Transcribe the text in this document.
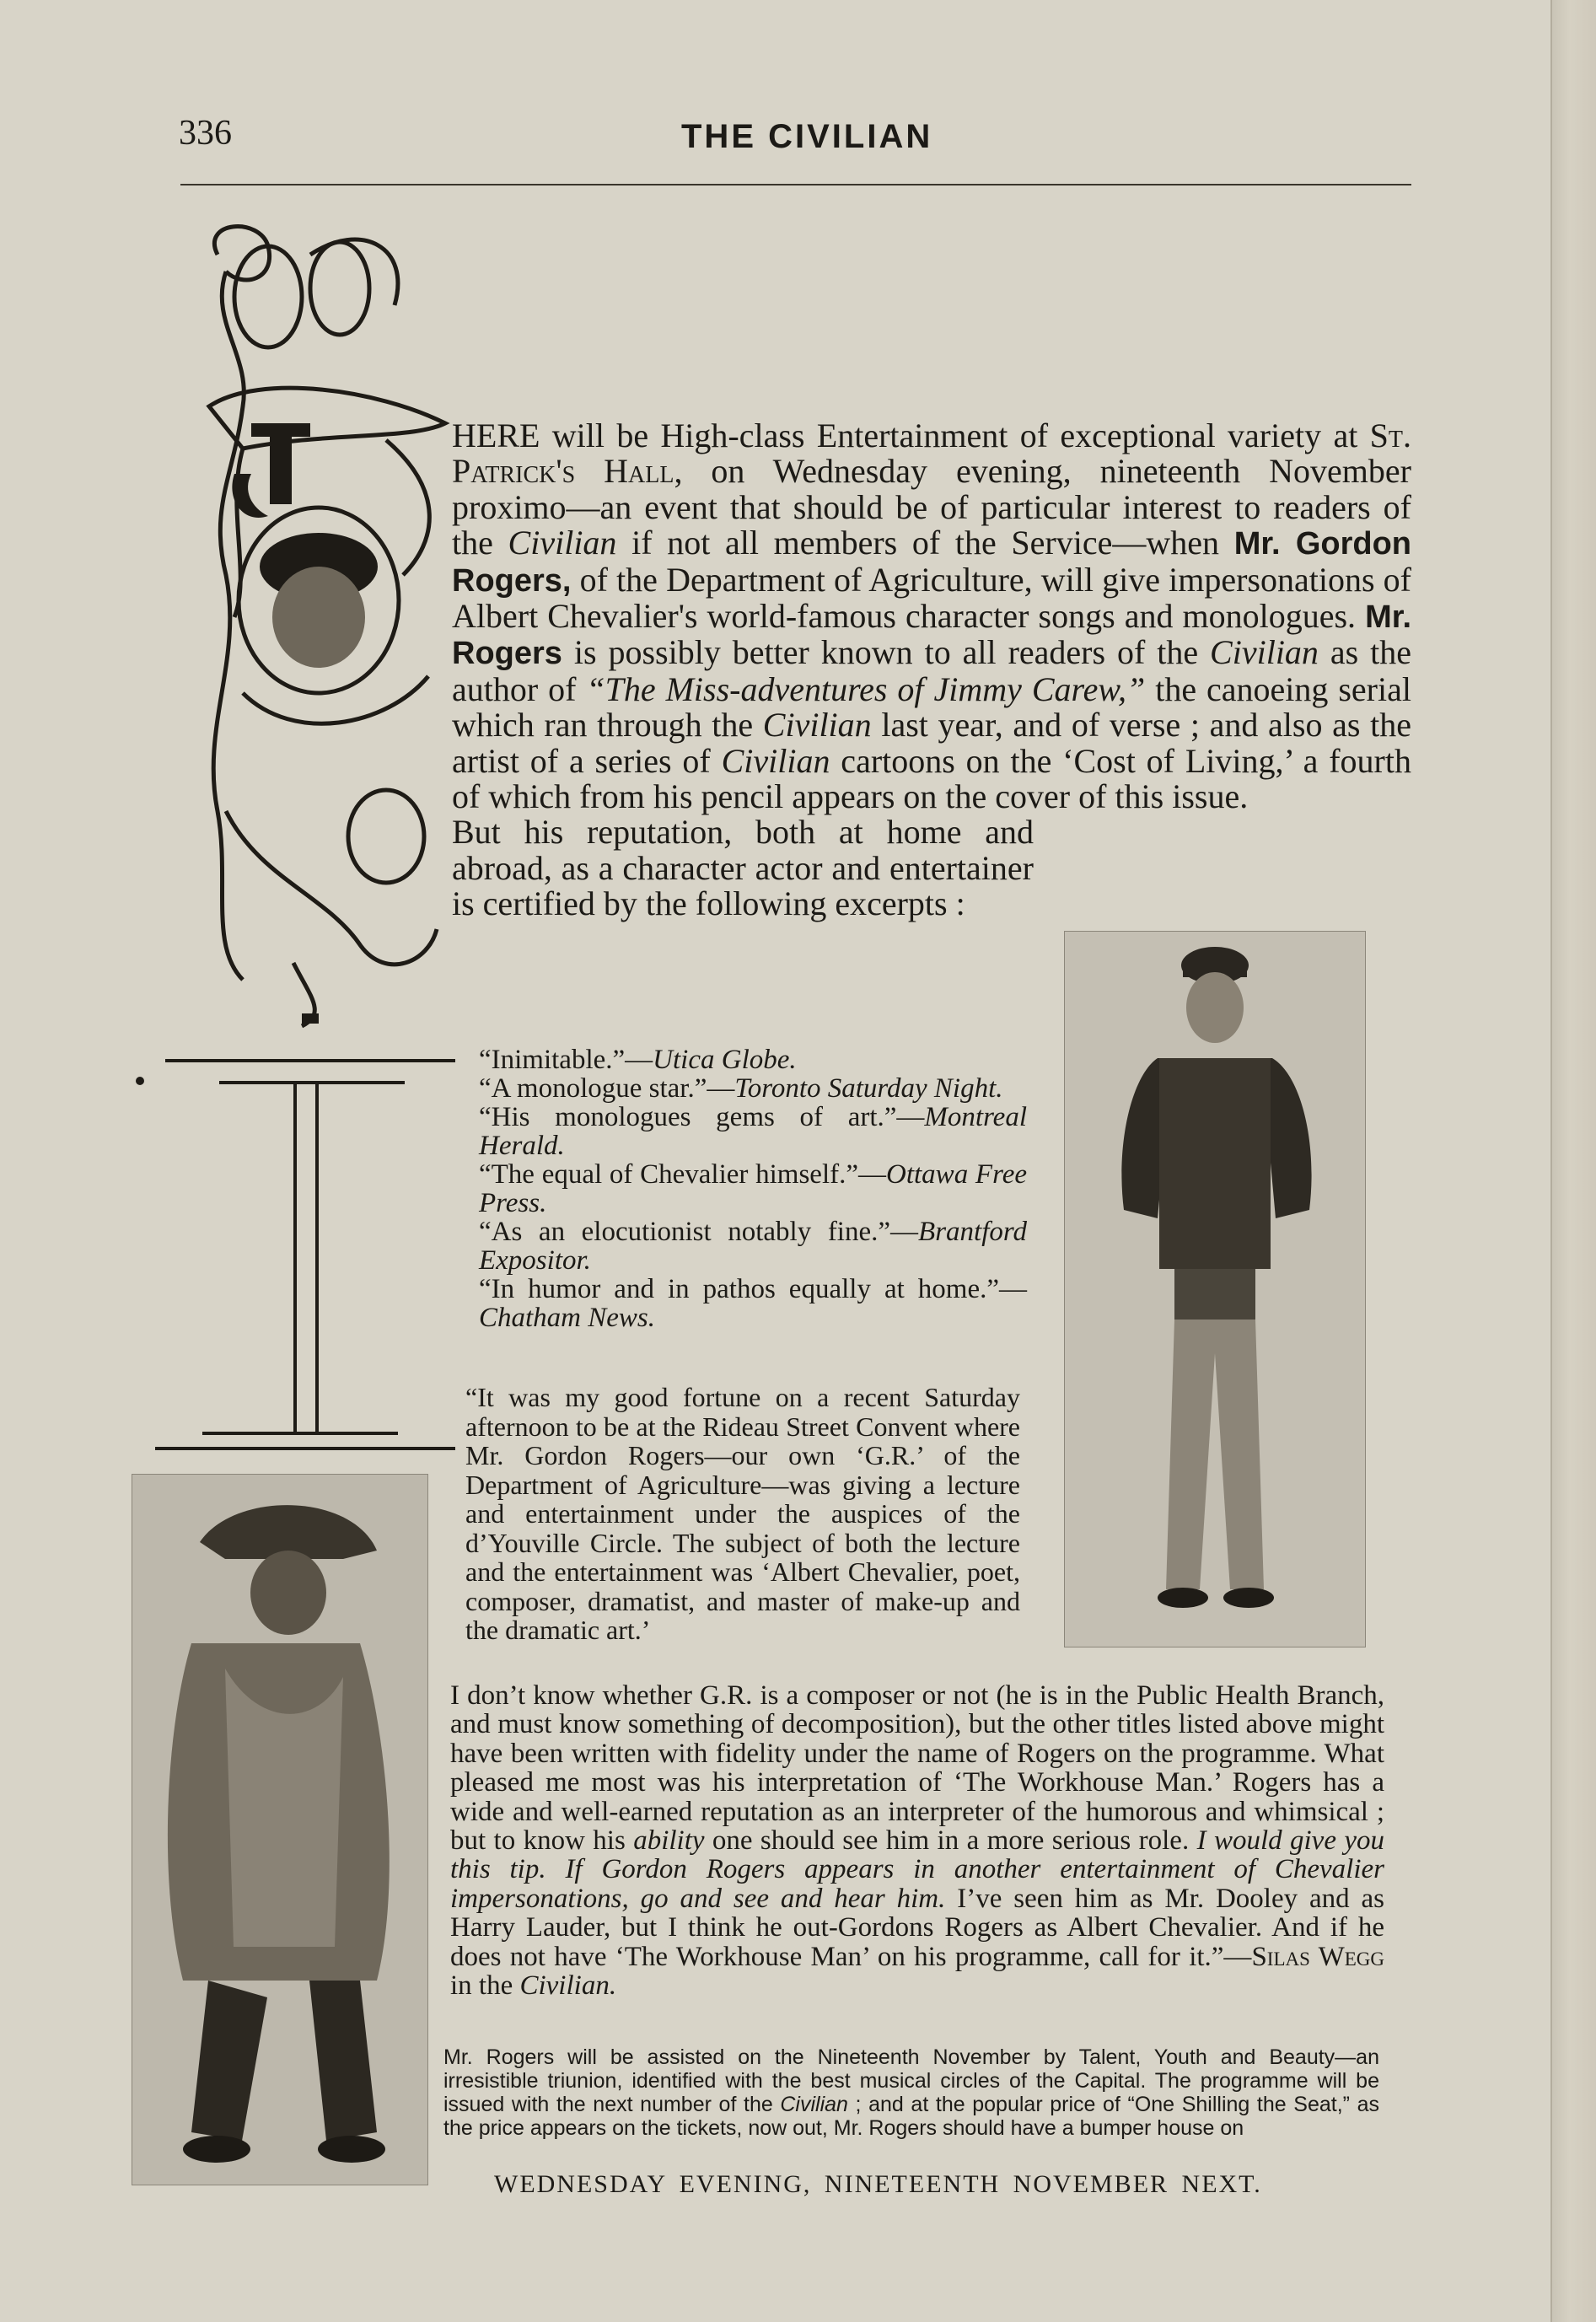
336	THE CIVILIAN

HERE will be High-class Entertainment of exceptional variety at St. Patrick's Hall, on Wednesday evening, nineteenth November proximo—an event that should be of particular interest to readers of the Civilian if not all members of the Service—when Mr. Gordon Rogers, of the Department of Agriculture, will give impersonations of Albert Chevalier's world-famous character songs and monologues. Mr. Rogers is possibly better known to all readers of the Civilian as the author of “The Miss-adventures of Jimmy Carew,” the canoeing serial which ran through the Civilian last year, and of verse ; and also as the artist of a series of Civilian cartoons on the ‘Cost of Living,’ a fourth of which from his pencil appears on the cover of this issue.

But his reputation, both at home and abroad, as a character actor and entertainer is certified by the following excerpts :

“Inimitable.”—Utica Globe.

“A monologue star.”—Toronto Saturday Night.

“His monologues gems of art.”—Montreal Herald.

“The equal of Chevalier himself.”—Ottawa Free Press.

“As an elocutionist notably fine.”—Brantford Expositor.

“In humor and in pathos equally at home.”—Chatham News.

“It was my good fortune on a recent Saturday afternoon to be at the Rideau Street Convent where Mr. Gordon Rogers—our own ‘G.R.’ of the Department of Agriculture—was giving a lecture and entertainment under the auspices of the d’Youville Circle. The subject of both the lecture and the entertainment was ‘Albert Chevalier, poet, composer, dramatist, and master of make-up and the dramatic art.’

I don’t know whether G.R. is a composer or not (he is in the Public Health Branch, and must know something of decomposition), but the other titles listed above might have been written with fidelity under the name of Rogers on the programme. What pleased me most was his interpretation of ‘The Workhouse Man.’ Rogers has a wide and well-earned reputation as an interpreter of the humorous and whimsical ; but to know his ability one should see him in a more serious role. I would give you this tip. If Gordon Rogers appears in another entertainment of Chevalier impersonations, go and see and hear him. I’ve seen him as Mr. Dooley and as Harry Lauder, but I think he out-Gordons Rogers as Albert Chevalier. And if he does not have ‘The Workhouse Man’ on his programme, call for it.”—Silas Wegg in the Civilian.

Mr. Rogers will be assisted on the Nineteenth November by Talent, Youth and Beauty—an irresistible triunion, identified with the best musical circles of the Capital. The programme will be issued with the next number of the Civilian ; and at the popular price of “One Shilling the Seat,” as the price appears on the tickets, now out, Mr. Rogers should have a bumper house on

WEDNESDAY EVENING, NINETEENTH NOVEMBER NEXT.
